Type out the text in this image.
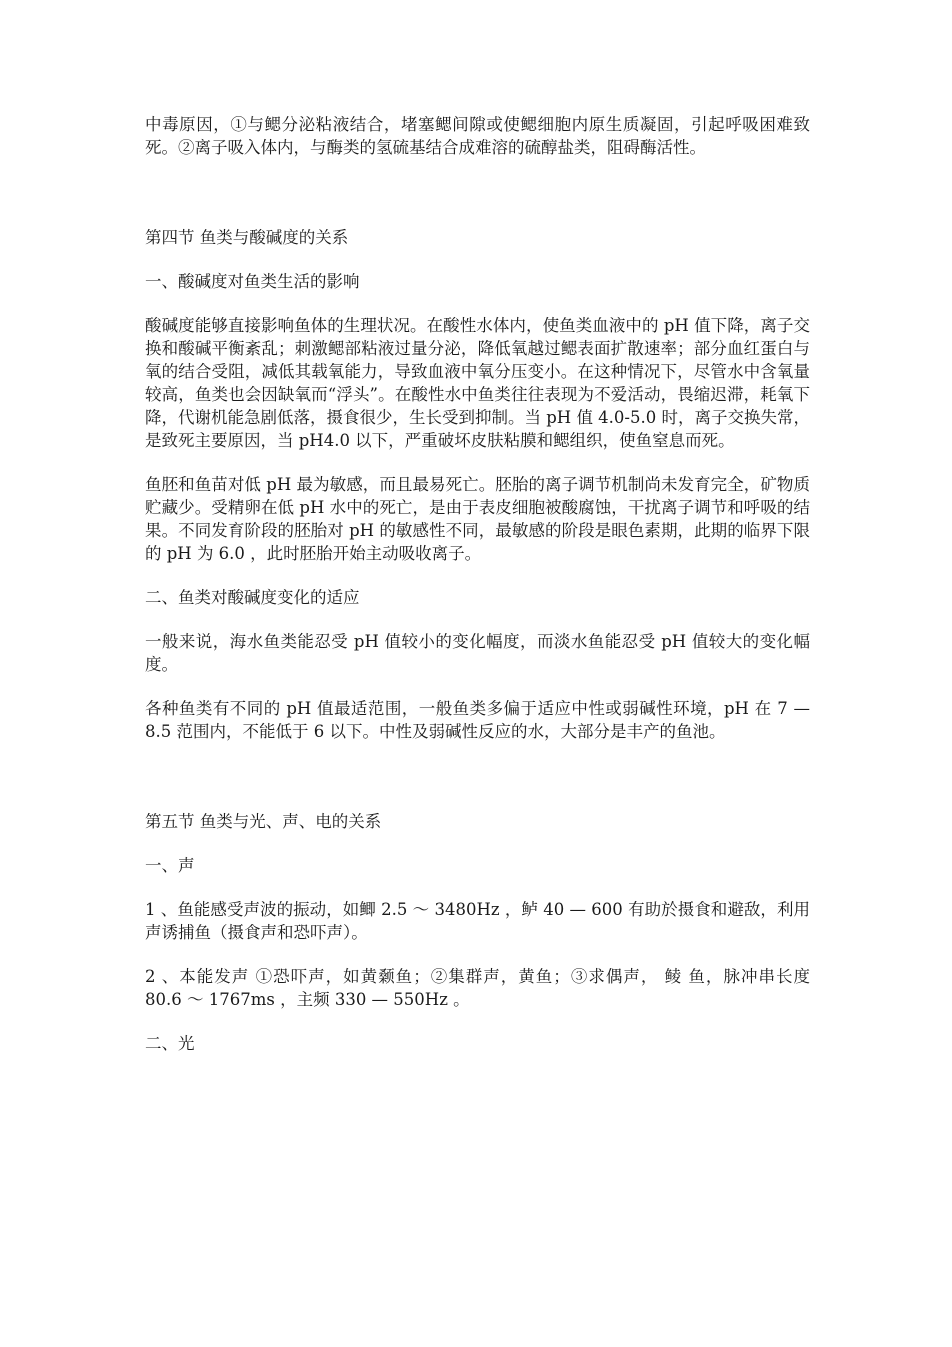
中毒原因，①与鳃分泌粘液结合，堵塞鳃间隙或使鳃细胞内原生质凝固，引起呼吸困难致死。②离子吸入体内，与酶类的氢硫基结合成难溶的硫醇盐类，阻碍酶活性。

第四节 鱼类与酸碱度的关系

一、酸碱度对鱼类生活的影响

酸碱度能够直接影响鱼体的生理状况。在酸性水体内，使鱼类血液中的 pH 值下降，离子交换和酸碱平衡紊乱；刺激鳃部粘液过量分泌，降低氧越过鳃表面扩散速率；部分血红蛋白与氧的结合受阻，减低其载氧能力，导致血液中氧分压变小。在这种情况下，尽管水中含氧量较高，鱼类也会因缺氧而“浮头”。在酸性水中鱼类往往表现为不爱活动，畏缩迟滞，耗氧下降，代谢机能急剧低落，摄食很少，生长受到抑制。当 pH 值 4.0-5.0 时，离子交换失常，是致死主要原因，当 pH4.0 以下，严重破坏皮肤粘膜和鳃组织，使鱼窒息而死。

鱼胚和鱼苗对低 pH 最为敏感，而且最易死亡。胚胎的离子调节机制尚未发育完全，矿物质贮藏少。受精卵在低 pH 水中的死亡，是由于表皮细胞被酸腐蚀，干扰离子调节和呼吸的结果。不同发育阶段的胚胎对 pH 的敏感性不同，最敏感的阶段是眼色素期，此期的临界下限的 pH 为 6.0 ，此时胚胎开始主动吸收离子。

二、鱼类对酸碱度变化的适应

一般来说，海水鱼类能忍受 pH 值较小的变化幅度，而淡水鱼能忍受 pH 值较大的变化幅度。

各种鱼类有不同的 pH 值最适范围，一般鱼类多偏于适应中性或弱碱性环境，pH 在 7 — 8.5 范围内，不能低于 6 以下。中性及弱碱性反应的水，大部分是丰产的鱼池。

第五节 鱼类与光、声、电的关系

一、声

1 、鱼能感受声波的振动，如鲫 2.5 ～ 3480Hz ，鲈 40 — 600 有助於摄食和避敌，利用声诱捕鱼（摄食声和恐吓声）。

2 、本能发声 ①恐吓声，如黄颡鱼；②集群声，黄鱼；③求偶声， 鲮 鱼，脉冲串长度 80.6 ～ 1767ms ，主频 330 — 550Hz 。

二、光
